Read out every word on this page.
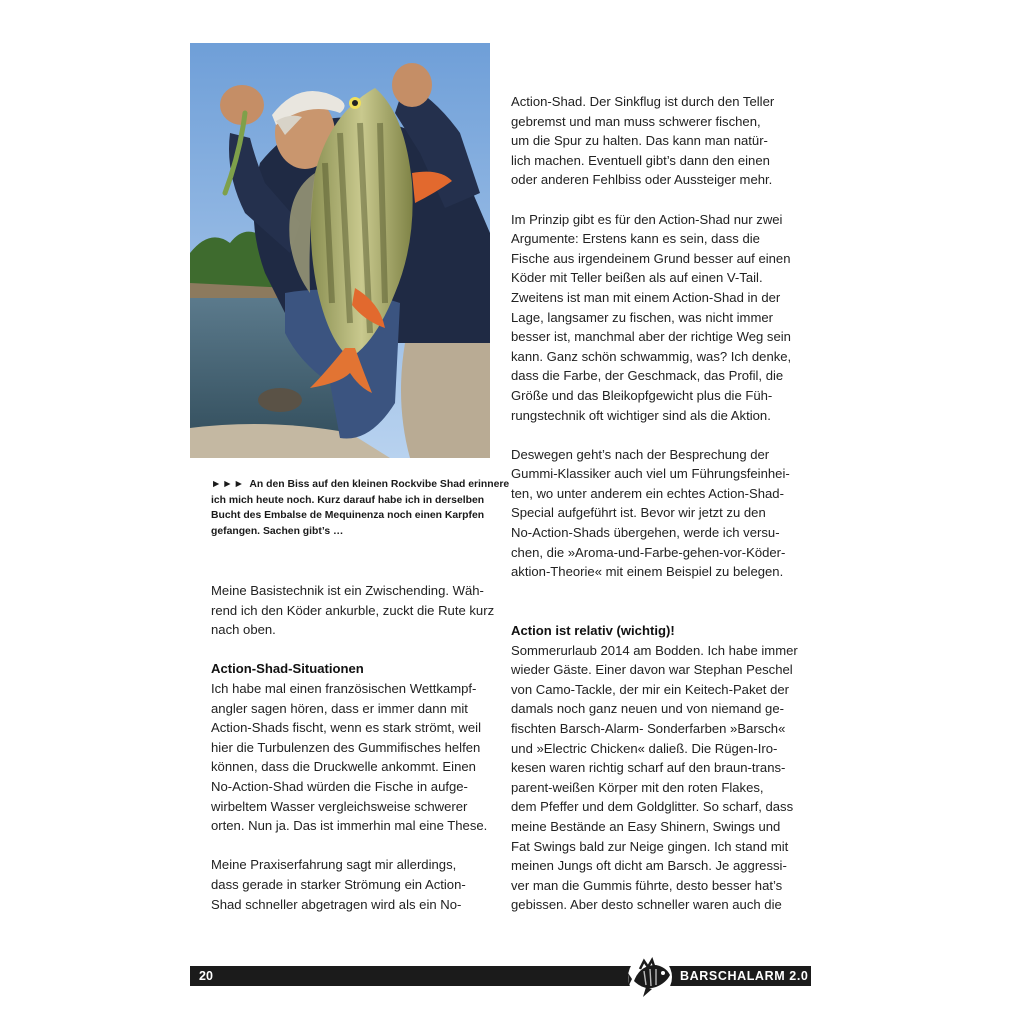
►►► An den Biss auf den kleinen Rockvibe Shad erinnere
ich mich heute noch. Kurz darauf habe ich in derselben
Bucht des Embalse de Mequinenza noch einen Karpfen
gefangen. Sachen gibt’s …
Meine Basistechnik ist ein Zwischending. Wäh-
rend ich den Köder ankurble, zuckt die Rute kurz
nach oben.
Action-Shad-Situationen
Ich habe mal einen französischen Wettkampf-
angler sagen hören, dass er immer dann mit
Action-Shads fischt, wenn es stark strömt, weil
hier die Turbulenzen des Gummifisches helfen
können, dass die Druckwelle ankommt. Einen
No-Action-Shad würden die Fische in aufge-
wirbeltem Wasser vergleichsweise schwerer
orten. Nun ja. Das ist immerhin mal eine These.
Meine Praxiserfahrung sagt mir allerdings,
dass gerade in starker Strömung ein Action-
Shad schneller abgetragen wird als ein No-
Action-Shad. Der Sinkflug ist durch den Teller
gebremst und man muss schwerer fischen,
um die Spur zu halten. Das kann man natür-
lich machen. Eventuell gibt’s dann den einen
oder anderen Fehlbiss oder Aussteiger mehr.
Im Prinzip gibt es für den Action-Shad nur zwei
Argumente: Erstens kann es sein, dass die
Fische aus irgendeinem Grund besser auf einen
Köder mit Teller beißen als auf einen V-Tail.
Zweitens ist man mit einem Action-Shad in der
Lage, langsamer zu fischen, was nicht immer
besser ist, manchmal aber der richtige Weg sein
kann. Ganz schön schwammig, was? Ich denke,
dass die Farbe, der Geschmack, das Profil, die
Größe und das Bleikopfgewicht plus die Füh-
rungstechnik oft wichtiger sind als die Aktion.
Deswegen geht’s nach der Besprechung der
Gummi-Klassiker auch viel um Führungsfeinhei-
ten, wo unter anderem ein echtes Action-Shad-
Special aufgeführt ist. Bevor wir jetzt zu den
No-Action-Shads übergehen, werde ich versu-
chen, die »Aroma-und-Farbe-gehen-vor-Köder-
aktion-Theorie« mit einem Beispiel zu belegen.
Action ist relativ (wichtig)!
Sommerurlaub 2014 am Bodden. Ich habe immer
wieder Gäste. Einer davon war Stephan Peschel
von Camo-Tackle, der mir ein Keitech-Paket der
damals noch ganz neuen und von niemand ge-
fischten Barsch-Alarm- Sonderfarben »Barsch«
und »Electric Chicken« daließ. Die Rügen-Iro-
kesen waren richtig scharf auf den braun-trans-
parent-weißen Körper mit den roten Flakes,
dem Pfeffer und dem Goldglitter. So scharf, dass
meine Bestände an Easy Shinern, Swings und
Fat Swings bald zur Neige gingen. Ich stand mit
meinen Jungs oft dicht am Barsch. Je aggressi-
ver man die Gummis führte, desto besser hat’s
gebissen. Aber desto schneller waren auch die
20	BARSCHALARM 2.0
